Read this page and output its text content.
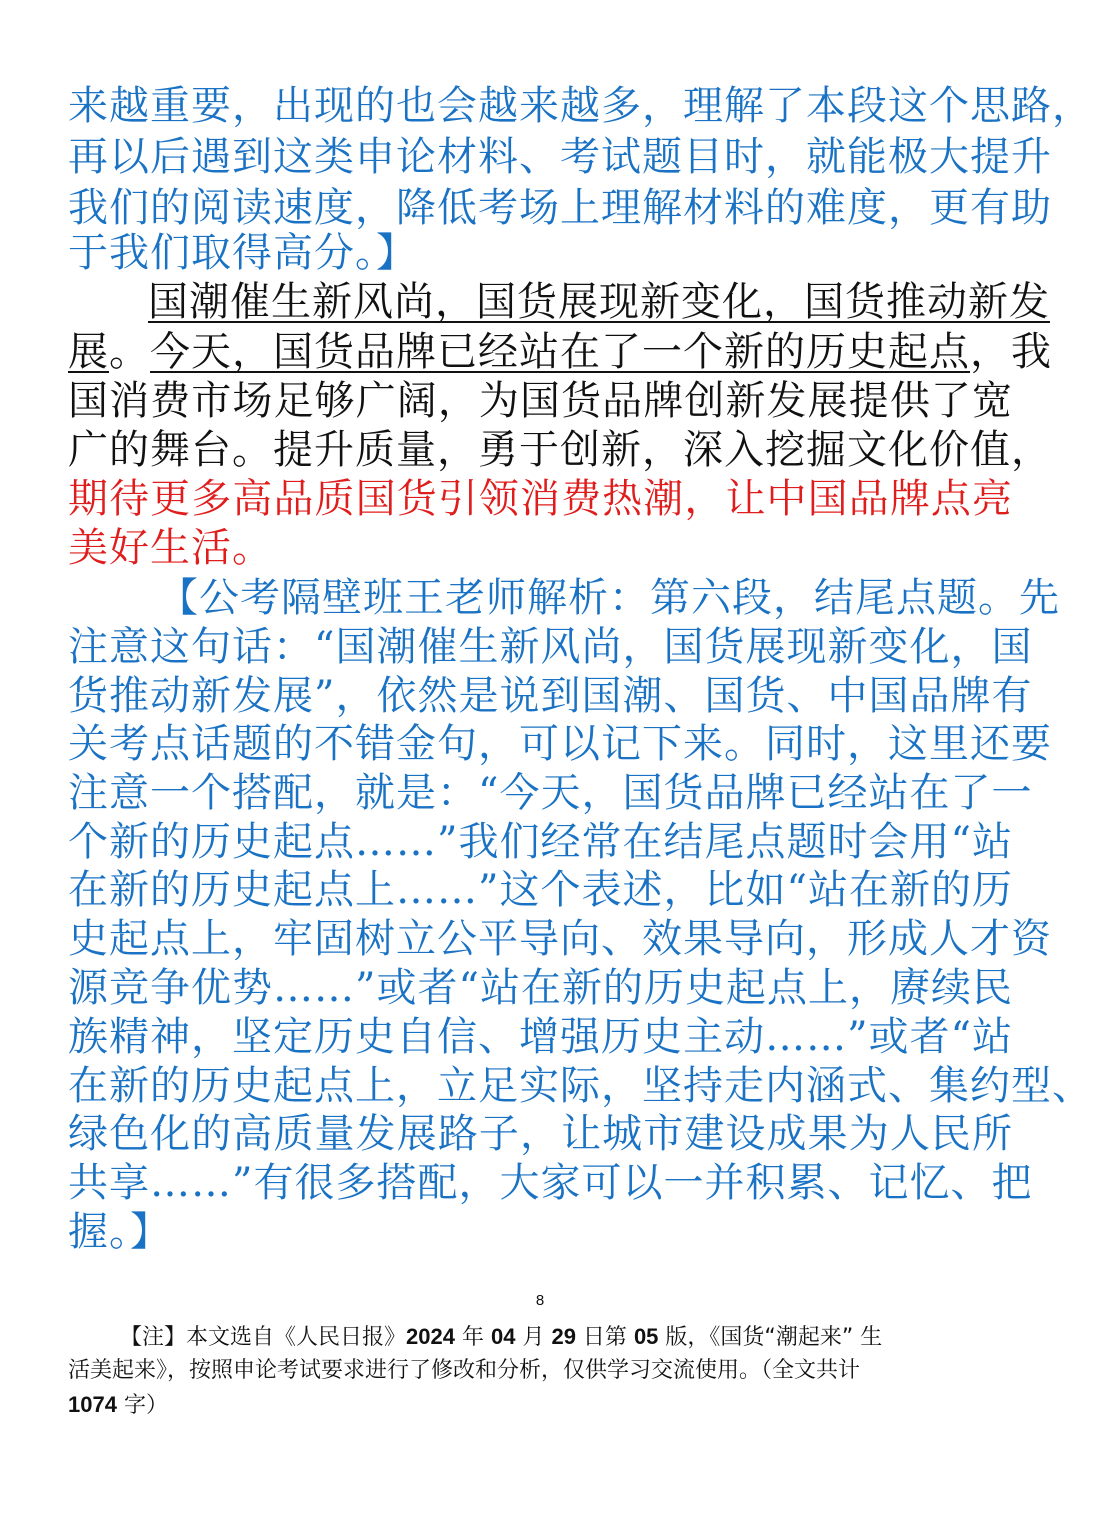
来越重要，出现的也会越来越多，理解了本段这个思路，
再以后遇到这类申论材料、考试题目时，就能极大提升
我们的阅读速度，降低考场上理解材料的难度，更有助
于我们取得高分。】
国潮催生新风尚，国货展现新变化，国货推动新发
展。今天，国货品牌已经站在了一个新的历史起点，我
国消费市场足够广阔，为国货品牌创新发展提供了宽
广的舞台。提升质量，勇于创新，深入挖掘文化价值，
期待更多高品质国货引领消费热潮，让中国品牌点亮
美好生活。
【公考隔壁班王老师解析：第六段，结尾点题。先
注意这句话：“国潮催生新风尚，国货展现新变化，国
货推动新发展”，依然是说到国潮、国货、中国品牌有
关考点话题的不错金句，可以记下来。同时，这里还要
注意一个搭配，就是：“今天，国货品牌已经站在了一
个新的历史起点……”我们经常在结尾点题时会用“站
在新的历史起点上……”这个表述，比如“站在新的历
史起点上，牢固树立公平导向、效果导向，形成人才资
源竞争优势……”或者“站在新的历史起点上，赓续民
族精神，坚定历史自信、增强历史主动……”或者“站
在新的历史起点上，立足实际，坚持走内涵式、集约型、
绿色化的高质量发展路子，让城市建设成果为人民所
共享……”有很多搭配，大家可以一并积累、记忆、把
握。】
8
【注】本文选自《人民日报》2024 年 04 月 29 日第 05 版，《国货“潮起来” 生
活美起来》，按照申论考试要求进行了修改和分析，仅供学习交流使用。（全文共计
1074 字）
